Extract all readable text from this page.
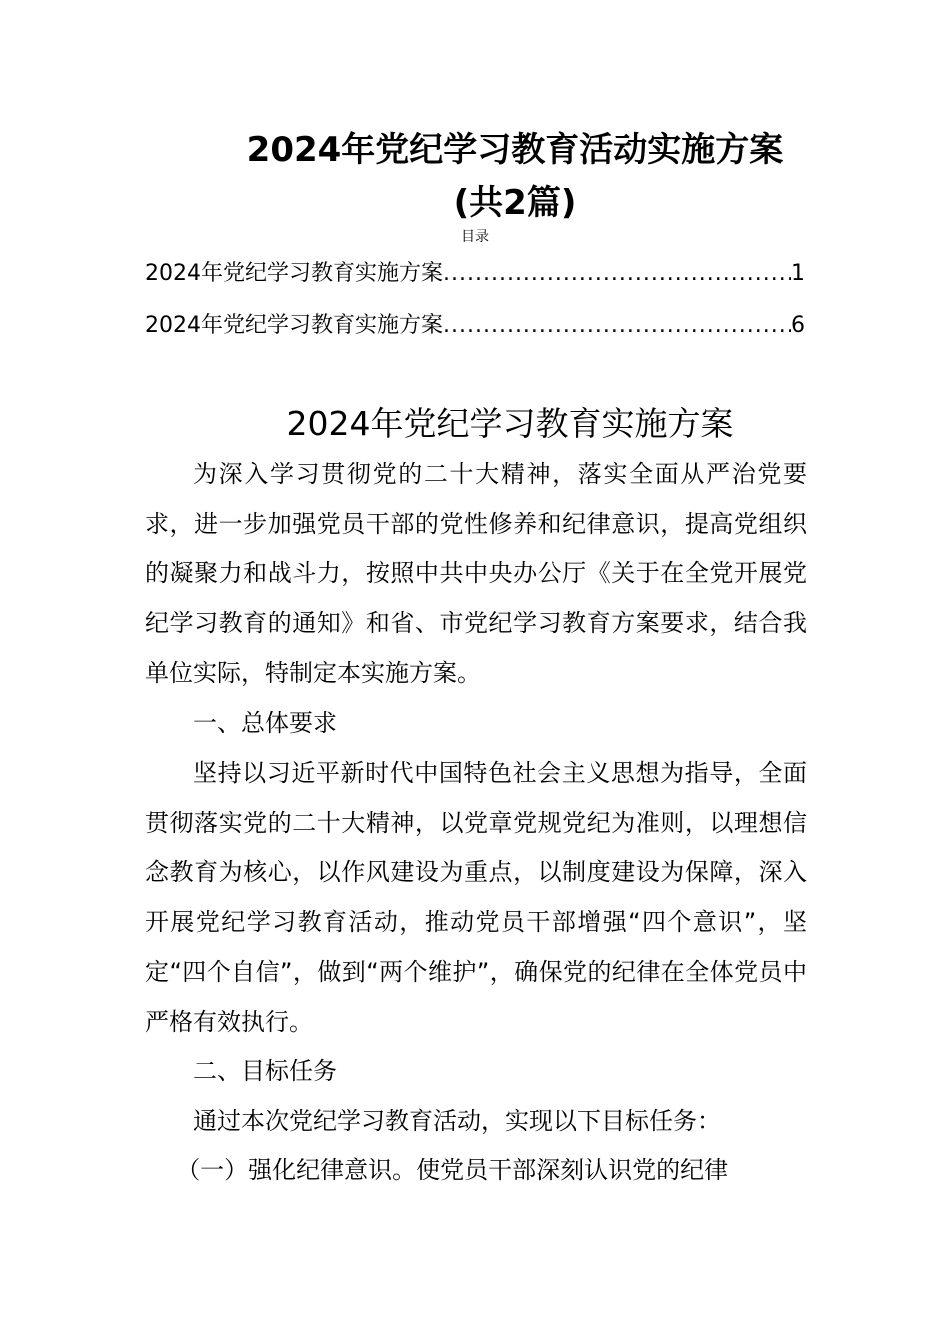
2024年党纪学习教育活动实施方案
(共2篇)
目录
2024年党纪学习教育实施方案 .....	1
2024年党纪学习教育实施方案 .....	6
2024年党纪学习教育实施方案

为深入学习贯彻党的二十大精神，落实全面从严治党要求，进一步加强党员干部的党性修养和纪律意识，提高党组织的凝聚力和战斗力，按照中共中央办公厅《关于在全党开展党纪学习教育的通知》和省、市党纪学习教育方案要求，结合我单位实际，特制定本实施方案。

一、总体要求

坚持以习近平新时代中国特色社会主义思想为指导，全面贯彻落实党的二十大精神，以党章党规党纪为准则，以理想信念教育为核心，以作风建设为重点，以制度建设为保障，深入开展党纪学习教育活动，推动党员干部增强“四个意识”，坚定“四个自信”，做到“两个维护”，确保党的纪律在全体党员中严格有效执行。

二、目标任务

通过本次党纪学习教育活动，实现以下目标任务：

（一）强化纪律意识。使党员干部深刻认识党的纪律
